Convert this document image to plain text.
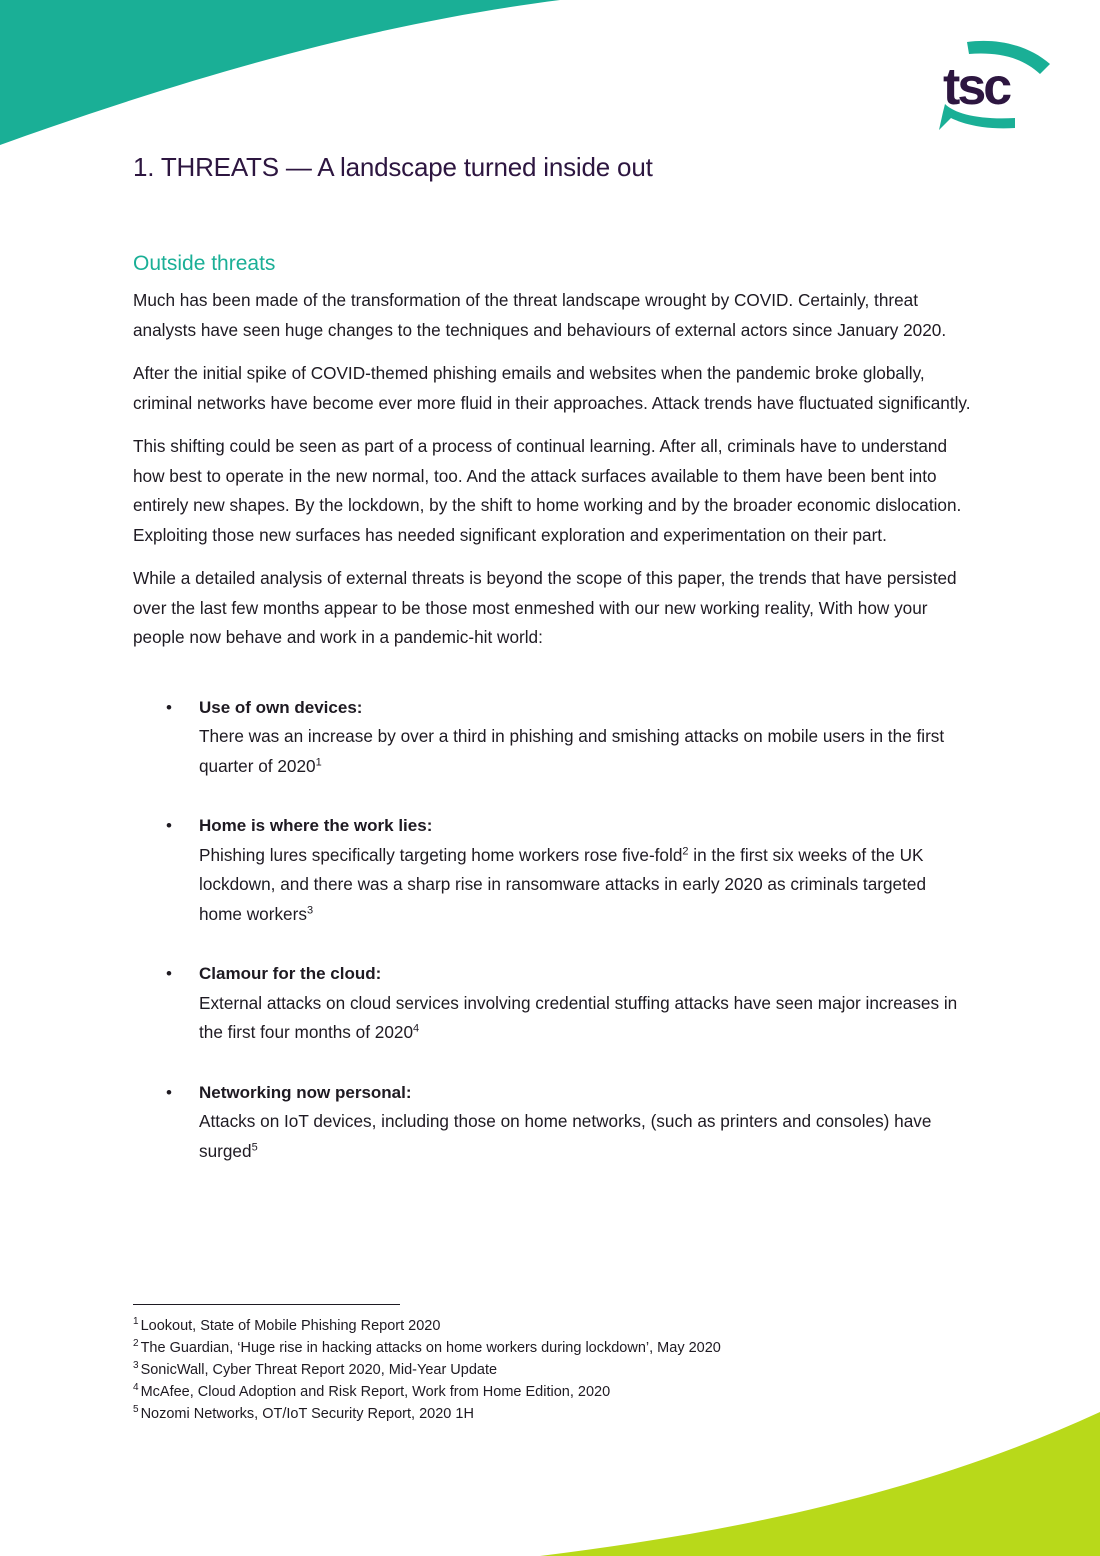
tsc
1. THREATS — A landscape turned inside out
Outside threats

Much has been made of the transformation of the threat landscape wrought by COVID. Certainly, threat analysts have seen huge changes to the techniques and behaviours of external actors since January 2020.

After the initial spike of COVID-themed phishing emails and websites when the pandemic broke globally, criminal networks have become ever more fluid in their approaches. Attack trends have fluctuated significantly.

This shifting could be seen as part of a process of continual learning. After all, criminals have to understand how best to operate in the new normal, too. And the attack surfaces available to them have been bent into entirely new shapes. By the lockdown, by the shift to home working and by the broader economic dislocation. Exploiting those new surfaces has needed significant exploration and experimentation on their part.

While a detailed analysis of external threats is beyond the scope of this paper, the trends that have persisted over the last few months appear to be those most enmeshed with our new working reality, With how your people now behave and work in a pandemic-hit world:

• Use of own devices:
There was an increase by over a third in phishing and smishing attacks on mobile users in the first quarter of 2020$^1$
• Home is where the work lies:
Phishing lures specifically targeting home workers rose five-fold$^2$ in the first six weeks of the UK lockdown, and there was a sharp rise in ransomware attacks in early 2020 as criminals targeted home workers$^3$
• Clamour for the cloud:
External attacks on cloud services involving credential stuffing attacks have seen major increases in the first four months of 2020$^4$
• Networking now personal:
Attacks on IoT devices, including those on home networks, (such as printers and consoles) have surged$^5$
$^1$ Lookout, State of Mobile Phishing Report 2020
$^2$ The Guardian, ‘Huge rise in hacking attacks on home workers during lockdown’, May 2020
$^3$ SonicWall, Cyber Threat Report 2020, Mid-Year Update
$^4$ McAfee, Cloud Adoption and Risk Report, Work from Home Edition, 2020
$^5$ Nozomi Networks, OT/IoT Security Report, 2020 1H
